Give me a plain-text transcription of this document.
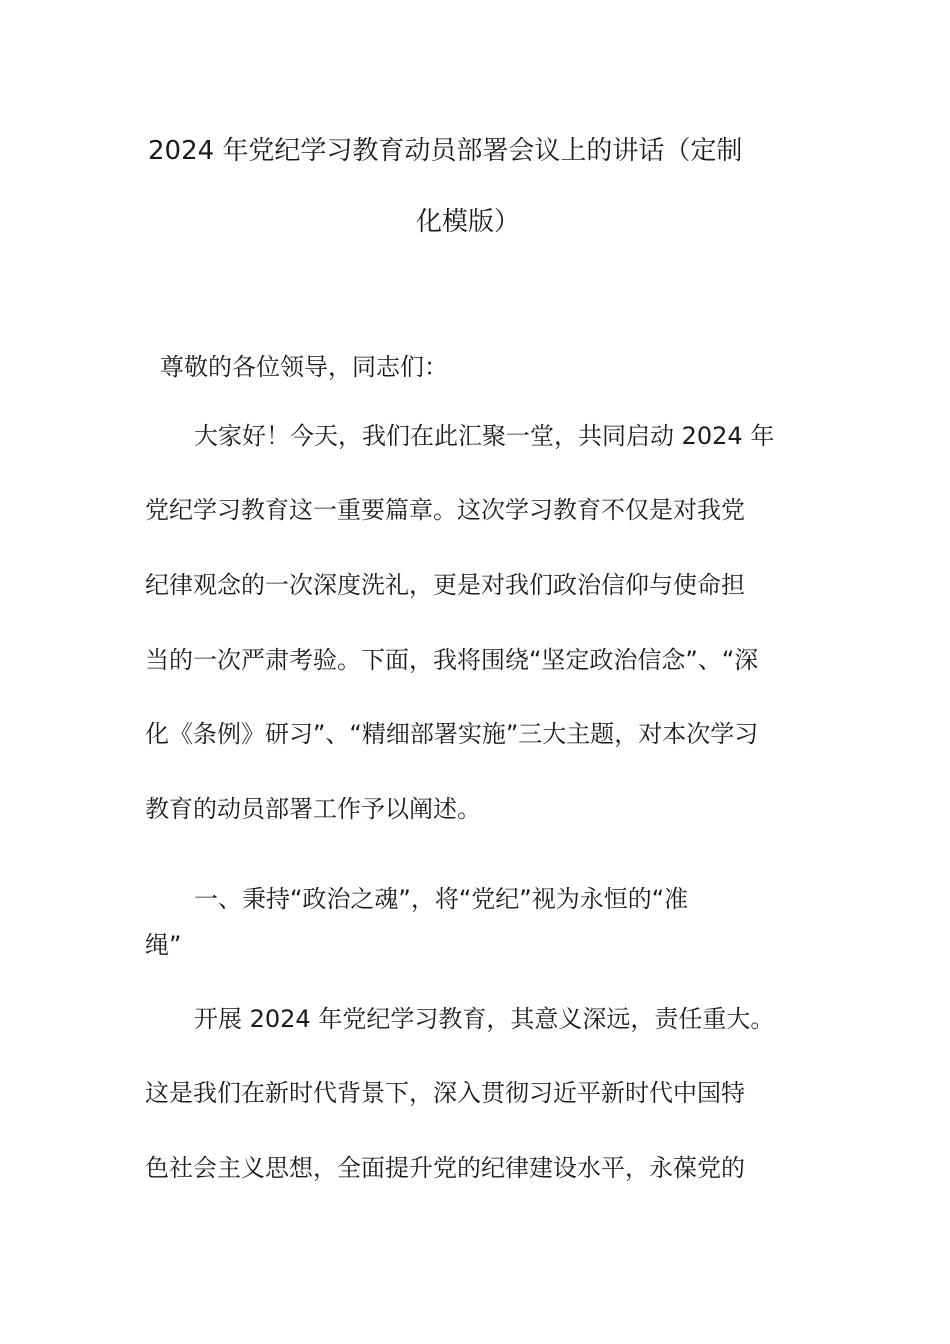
2024 年党纪学习教育动员部署会议上的讲话（定制
化模版）
尊敬的各位领导，同志们：
大家好！今天，我们在此汇聚一堂，共同启动 2024 年
党纪学习教育这一重要篇章。这次学习教育不仅是对我党
纪律观念的一次深度洗礼，更是对我们政治信仰与使命担
当的一次严肃考验。下面，我将围绕“坚定政治信念”、“深
化《条例》研习”、“精细部署实施”三大主题，对本次学习
教育的动员部署工作予以阐述。
一、秉持“政治之魂”，将“党纪”视为永恒的“准
绳”
开展 2024 年党纪学习教育，其意义深远，责任重大。
这是我们在新时代背景下，深入贯彻习近平新时代中国特
色社会主义思想，全面提升党的纪律建设水平，永葆党的
